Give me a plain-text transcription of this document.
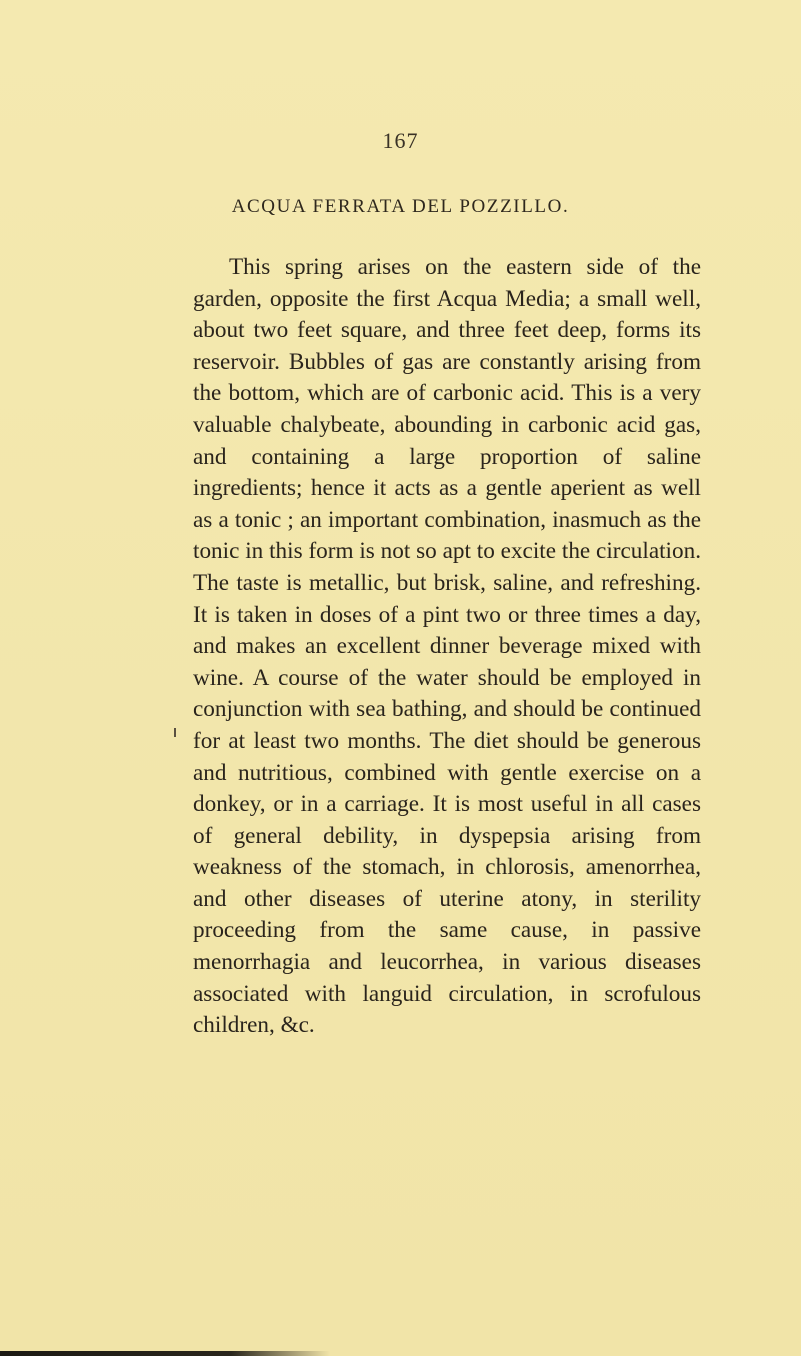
167
ACQUA FERRATA DEL POZZILLO.

This spring arises on the eastern side of the garden, opposite the first Acqua Media; a small well, about two feet square, and three feet deep, forms its reservoir. Bubbles of gas are constantly arising from the bottom, which are of carbonic acid. This is a very valuable chalybeate, abounding in carbonic acid gas, and containing a large proportion of saline ingredients; hence it acts as a gentle aperient as well as a tonic ; an important combination, inasmuch as the tonic in this form is not so apt to excite the circulation. The taste is metallic, but brisk, saline, and refreshing. It is taken in doses of a pint two or three times a day, and makes an excellent dinner beverage mixed with wine. A course of the water should be employed in conjunction with sea bathing, and should be continued for at least two months. The diet should be generous and nutritious, combined with gentle exercise on a donkey, or in a carriage. It is most useful in all cases of general debility, in dyspepsia arising from weakness of the stomach, in chlorosis, amenorrhea, and other diseases of uterine atony, in sterility proceeding from the same cause, in passive menorrhagia and leucorrhea, in various diseases associated with languid circulation, in scrofulous children, &c.
